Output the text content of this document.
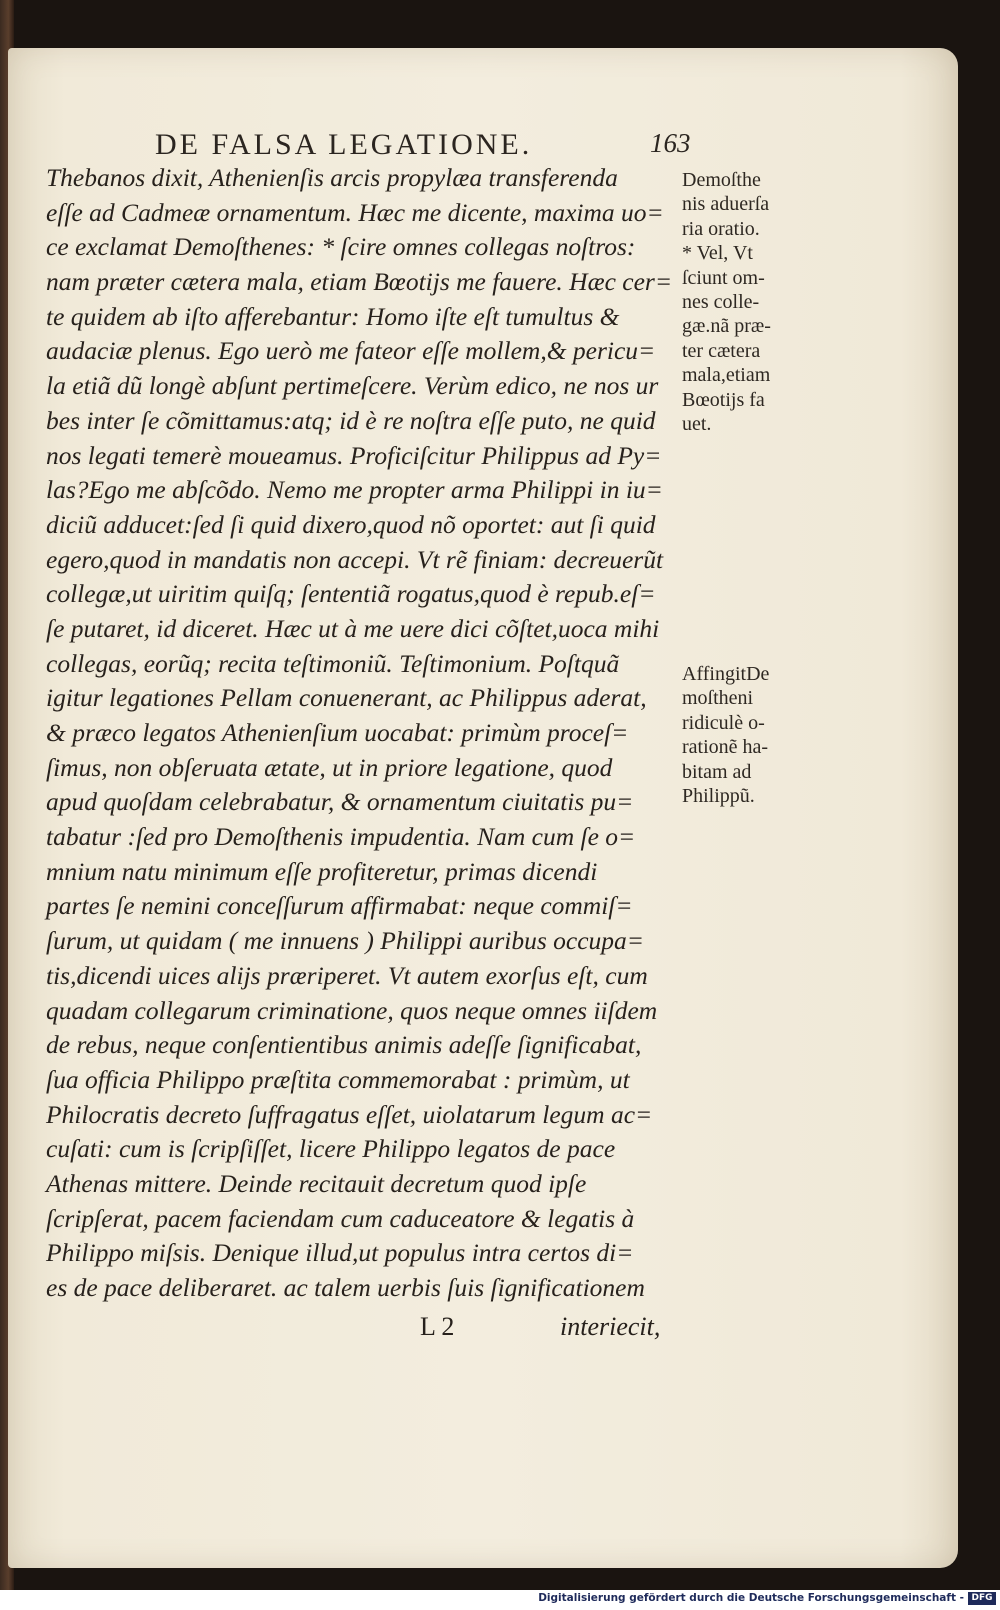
DE FALSA LEGATIONE.	163
Thebanos dixit, Athenienſis arcis propylæa transferenda
eſſe ad Cadmeæ ornamentum. Hæc me dicente, maxima uo=
ce exclamat Demoſthenes: * ſcire omnes collegas noſtros:
nam præter cætera mala, etiam Bœotijs me fauere. Hæc cer=
te quidem ab iſto afferebantur: Homo iſte eſt tumultus &
audaciæ plenus. Ego uerò me fateor eſſe mollem,& pericu=
la etiã dũ longè abſunt pertimeſcere. Verùm edico, ne nos ur
bes inter ſe cõmittamus:atq; id è re noſtra eſſe puto, ne quid
nos legati temerè moueamus. Proficiſcitur Philippus ad Py=
las?Ego me abſcõdo. Nemo me propter arma Philippi in iu=
diciũ adducet:ſed ſi quid dixero,quod nõ oportet: aut ſi quid
egero,quod in mandatis non accepi. Vt rẽ finiam: decreuerũt
collegæ,ut uiritim quiſq; ſententiã rogatus,quod è repub.eſ=
ſe putaret, id diceret. Hæc ut à me uere dici cõſtet,uoca mihi
collegas, eorũq; recita teſtimoniũ. Teſtimonium. Poſtquã
igitur legationes Pellam conuenerant, ac Philippus aderat,
& præco legatos Athenienſium uocabat: primùm proceſ=
ſimus, non obſeruata ætate, ut in priore legatione, quod
apud quoſdam celebrabatur, & ornamentum ciuitatis pu=
tabatur :ſed pro Demoſthenis impudentia. Nam cum ſe o=
mnium natu minimum eſſe profiteretur, primas dicendi
partes ſe nemini conceſſurum affirmabat: neque commiſ=
ſurum, ut quidam ( me innuens ) Philippi auribus occupa=
tis,dicendi uices alijs præriperet. Vt autem exorſus eſt, cum
quadam collegarum criminatione, quos neque omnes iiſdem
de rebus, neque conſentientibus animis adeſſe ſignificabat,
ſua officia Philippo præſtita commemorabat : primùm, ut
Philocratis decreto ſuffragatus eſſet, uiolatarum legum ac=
cuſati: cum is ſcripſiſſet, licere Philippo legatos de pace
Athenas mittere. Deinde recitauit decretum quod ipſe
ſcripſerat, pacem faciendam cum caduceatore & legatis à
Philippo miſsis. Denique illud,ut populus intra certos di=
es de pace deliberaret. ac talem uerbis ſuis ſignificationem
Demoſthe
nis aduerſa
ria oratio.
* Vel, Vt
ſciunt om-
nes colle-
gæ.nã præ-
ter cætera
mala,etiam
Bœotijs fa
uet.
AffingitDe
moſtheni
ridiculè o-
rationẽ ha-
bitam ad
Philippũ.
L 2	interiecit,
Digitalisierung gefördert durch die Deutsche Forschungsgemeinschaft - DFG
